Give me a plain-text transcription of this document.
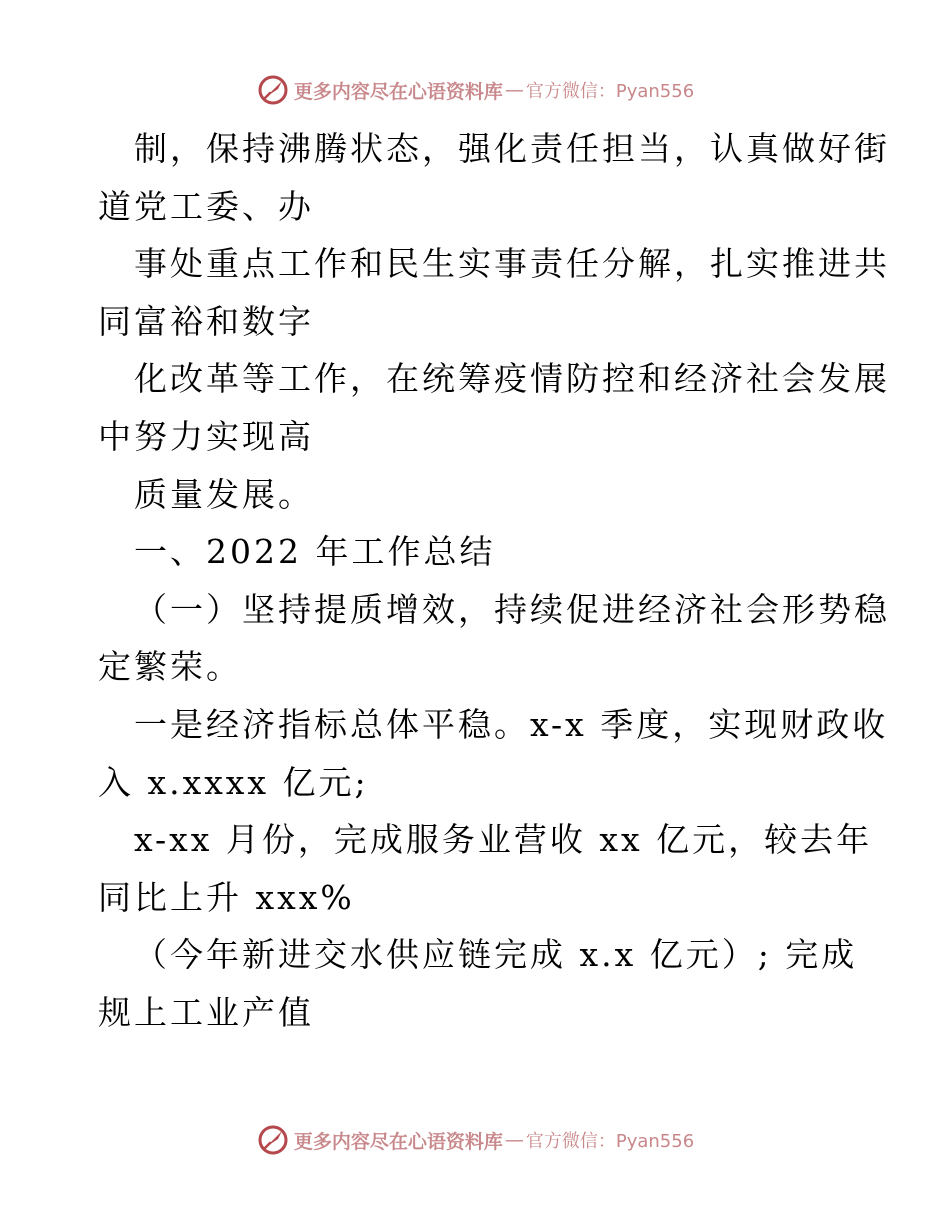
更多内容尽在心语资料库 — 官方微信：Pyan556
制，保持沸腾状态，强化责任担当，认真做好街
道党工委、办
事处重点工作和民生实事责任分解，扎实推进共
同富裕和数字
化改革等工作，在统筹疫情防控和经济社会发展
中努力实现高
质量发展。
一、2022 年工作总结
（一）坚持提质增效，持续促进经济社会形势稳
定繁荣。
一是经济指标总体平稳。x-x 季度，实现财政收
入 x.xxxx 亿元;
x-xx 月份，完成服务业营收 xx 亿元，较去年
同比上升 xxx%
（今年新进交水供应链完成 x.x 亿元）; 完成
规上工业产值
更多内容尽在心语资料库 — 官方微信：Pyan556
